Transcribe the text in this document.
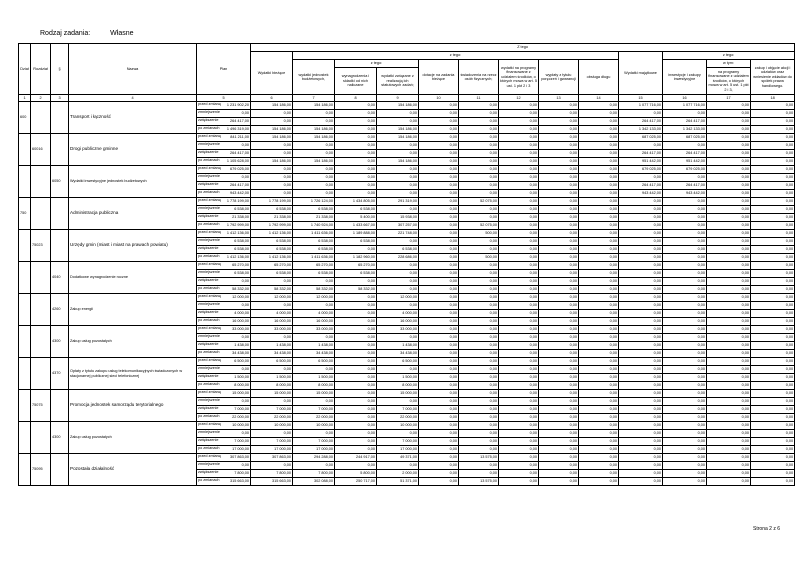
Rodzaj zadania:	Własne
Dział	Rozdział	§	Nazwa	Plan	Z tego												
					Wydatki bieżące	z tego:								Wydatki majątkowe	z tego:		
						wydatki jednostek budżetowych,	z tego:		dotacje na zadania bieżące	świadczenia na rzecz osób fizycznych;	wydatki na programy finansowane z udziałem środków, o których mowa w art. 5 ust. 1 pkt 2 i 3	wypłaty z tytułu poręczeń i gwarancji	obsługa długu		inwestycje i zakupy inwestycyjne	w tym:	zakup i objęcie akcji i udziałów oraz wniesienie wkładów do spółek prawa handlowego.
							wynagrodzenia i składki od nich naliczane	wydatki związane z realizacją ich statutowych zadań;								na programy finansowane z udziałem środków, o których mowa w art. 5 ust. 1 pkt 2 i 3,	

1	2	3	4	5	6	7	8	9	10	11	12	13	14	15	16	17	18
600			Transport i łączność	przed zmianą 1 231 902,20	154 186,00	154 186,00	0,00	154 186,00	0,00	0,00	0,00	0,00	0,00	1 077 716,00	1 077 716,00	0,00	0,00

				zmniejszenie 0,00	0,00	0,00	0,00	0,00	0,00	0,00	0,00	0,00	0,00	0,00	0,00	0,00	0,00

				zwiększenie 264 417,00	0,00	0,00	0,00	0,00	0,00	0,00	0,00	0,00	0,00	264 417,00	264 417,00	0,00	0,00

				po zmianach 1 496 319,00	154 186,00	154 186,00	0,00	154 186,00	0,00	0,00	0,00	0,00	0,00	1 342 133,00	1 342 133,00	0,00	0,00
	60016		Drogi publiczne gminne	przed zmianą 841 211,00	154 186,00	154 186,00	0,00	154 186,00	0,00	0,00	0,00	0,00	0,00	687 025,00	687 025,00	0,00	0,00

				zmniejszenie 0,00	0,00	0,00	0,00	0,00	0,00	0,00	0,00	0,00	0,00	0,00	0,00	0,00	0,00

				zwiększenie 264 417,00	0,00	0,00	0,00	0,00	0,00	0,00	0,00	0,00	0,00	264 417,00	264 417,00	0,00	0,00

				po zmianach 1 105 628,00	154 186,00	154 186,00	0,00	154 186,00	0,00	0,00	0,00	0,00	0,00	951 442,00	951 442,00	0,00	0,00
		6050	Wydatki inwestycyjne jednostek budżetowych	przed zmianą 679 025,00	0,00	0,00	0,00	0,00	0,00	0,00	0,00	0,00	0,00	679 025,00	679 025,00	0,00	0,00

				zmniejszenie 0,00	0,00	0,00	0,00	0,00	0,00	0,00	0,00	0,00	0,00	0,00	0,00	0,00	0,00

				zwiększenie 264 417,00	0,00	0,00	0,00	0,00	0,00	0,00	0,00	0,00	0,00	264 417,00	264 417,00	0,00	0,00

				po zmianach 943 442,00	0,00	0,00	0,00	0,00	0,00	0,00	0,00	0,00	0,00	943 442,00	943 442,00	0,00	0,00
750			Administracja publiczna	przed zmianą 1 778 199,00	1 778 199,00	1 726 124,00	1 434 805,00	291 319,00	0,00	52 075,00	0,00	0,00	0,00	0,00	0,00	0,00	0,00

				zmniejszenie 6 538,00	6 538,00	6 538,00	6 538,00	0,00	0,00	0,00	0,00	0,00	0,00	0,00	0,00	0,00	0,00

				zwiększenie 21 338,00	21 338,00	21 338,00	5 400,00	15 938,00	0,00	0,00	0,00	0,00	0,00	0,00	0,00	0,00	0,00

				po zmianach 1 792 999,00	1 792 999,00	1 740 924,00	1 433 667,00	307 257,00	0,00	52 075,00	0,00	0,00	0,00	0,00	0,00	0,00	0,00
	75023		Urzędy gmin (miast i miast na prawach powiatu)	przed zmianą 1 412 136,00	1 412 136,00	1 411 636,00	1 189 888,00	221 748,00	0,00	500,00	0,00	0,00	0,00	0,00	0,00	0,00	0,00

				zmniejszenie 6 538,00	6 538,00	6 538,00	6 538,00	0,00	0,00	0,00	0,00	0,00	0,00	0,00	0,00	0,00	0,00

				zwiększenie 6 538,00	6 538,00	6 538,00	0,00	6 538,00	0,00	0,00	0,00	0,00	0,00	0,00	0,00	0,00	0,00

				po zmianach 1 412 136,00	1 412 136,00	1 411 636,00	1 182 960,00	228 686,00	0,00	500,00	0,00	0,00	0,00	0,00	0,00	0,00	0,00
		4040	Dodatkowe wynagrodzenie roczne	przed zmianą 65 270,00	65 270,00	65 270,00	65 270,00	0,00	0,00	0,00	0,00	0,00	0,00	0,00	0,00	0,00	0,00

				zmniejszenie 6 538,00	6 538,00	6 538,00	6 538,00	0,00	0,00	0,00	0,00	0,00	0,00	0,00	0,00	0,00	0,00

				zwiększenie 0,00	0,00	0,00	0,00	0,00	0,00	0,00	0,00	0,00	0,00	0,00	0,00	0,00	0,00

				po zmianach 58 332,00	58 332,00	58 332,00	58 332,00	0,00	0,00	0,00	0,00	0,00	0,00	0,00	0,00	0,00	0,00
		4260	Zakup energii	przed zmianą 12 000,00	12 000,00	12 000,00	0,00	12 000,00	0,00	0,00	0,00	0,00	0,00	0,00	0,00	0,00	0,00

				zmniejszenie 0,00	0,00	0,00	0,00	0,00	0,00	0,00	0,00	0,00	0,00	0,00	0,00	0,00	0,00

				zwiększenie 4 000,00	4 000,00	4 000,00	0,00	4 000,00	0,00	0,00	0,00	0,00	0,00	0,00	0,00	0,00	0,00

				po zmianach 16 000,00	16 000,00	16 000,00	0,00	16 000,00	0,00	0,00	0,00	0,00	0,00	0,00	0,00	0,00	0,00
		4300	Zakup usług pozostałych	przed zmianą 33 000,00	33 000,00	33 000,00	0,00	33 000,00	0,00	0,00	0,00	0,00	0,00	0,00	0,00	0,00	0,00

				zmniejszenie 0,00	0,00	0,00	0,00	0,00	0,00	0,00	0,00	0,00	0,00	0,00	0,00	0,00	0,00

				zwiększenie 1 438,00	1 438,00	1 438,00	0,00	1 438,00	0,00	0,00	0,00	0,00	0,00	0,00	0,00	0,00	0,00

				po zmianach 34 438,00	34 438,00	34 438,00	0,00	34 438,00	0,00	0,00	0,00	0,00	0,00	0,00	0,00	0,00	0,00
		4370	Opłaty z tytułu zakupu usług telekomunikacyjnych świadczonych w stacjonarnej publicznej sieci telefonicznej	przed zmianą 6 500,00	6 500,00	6 500,00	0,00	6 500,00	0,00	0,00	0,00	0,00	0,00	0,00	0,00	0,00	0,00

				zmniejszenie 0,00	0,00	0,00	0,00	0,00	0,00	0,00	0,00	0,00	0,00	0,00	0,00	0,00	0,00

				zwiększenie 1 500,00	1 500,00	1 500,00	0,00	1 500,00	0,00	0,00	0,00	0,00	0,00	0,00	0,00	0,00	0,00

				po zmianach 8 000,00	8 000,00	8 000,00	0,00	8 000,00	0,00	0,00	0,00	0,00	0,00	0,00	0,00	0,00	0,00
	75075		Promocja jednostek samorządu terytorialnego	przed zmianą 15 000,00	15 000,00	15 000,00	0,00	15 000,00	0,00	0,00	0,00	0,00	0,00	0,00	0,00	0,00	0,00

				zmniejszenie 0,00	0,00	0,00	0,00	0,00	0,00	0,00	0,00	0,00	0,00	0,00	0,00	0,00	0,00

				zwiększenie 7 000,00	7 000,00	7 000,00	0,00	7 000,00	0,00	0,00	0,00	0,00	0,00	0,00	0,00	0,00	0,00

				po zmianach 22 000,00	22 000,00	22 000,00	0,00	22 000,00	0,00	0,00	0,00	0,00	0,00	0,00	0,00	0,00	0,00
		4300	Zakup usług pozostałych	przed zmianą 10 000,00	10 000,00	10 000,00	0,00	10 000,00	0,00	0,00	0,00	0,00	0,00	0,00	0,00	0,00	0,00

				zmniejszenie 0,00	0,00	0,00	0,00	0,00	0,00	0,00	0,00	0,00	0,00	0,00	0,00	0,00	0,00

				zwiększenie 7 000,00	7 000,00	7 000,00	0,00	7 000,00	0,00	0,00	0,00	0,00	0,00	0,00	0,00	0,00	0,00

				po zmianach 17 000,00	17 000,00	17 000,00	0,00	17 000,00	0,00	0,00	0,00	0,00	0,00	0,00	0,00	0,00	0,00
	75095		Pozostała działalność	przed zmianą 307 863,00	307 863,00	294 288,00	244 917,00	49 371,00	0,00	13 575,00	0,00	0,00	0,00	0,00	0,00	0,00	0,00

				zmniejszenie 0,00	0,00	0,00	0,00	0,00	0,00	0,00	0,00	0,00	0,00	0,00	0,00	0,00	0,00

				zwiększenie 7 800,00	7 800,00	7 800,00	5 800,00	2 000,00	0,00	0,00	0,00	0,00	0,00	0,00	0,00	0,00	0,00

				po zmianach 315 663,00	315 663,00	302 088,00	250 717,00	51 371,00	0,00	13 575,00	0,00	0,00	0,00	0,00	0,00	0,00	0,00
Strona 2 z 6
